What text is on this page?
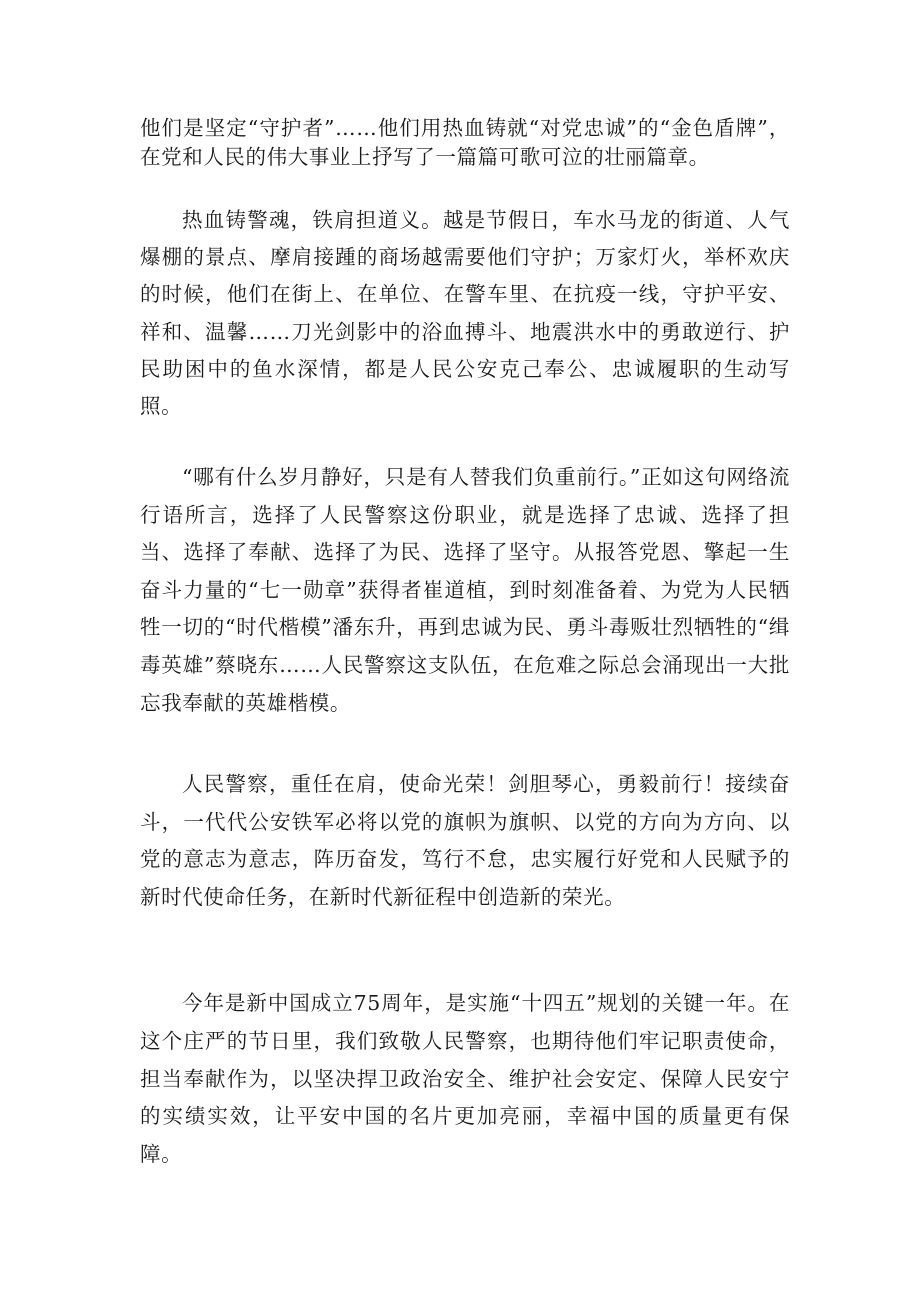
他们是坚定“守护者”……他们用热血铸就“对党忠诚”的“金色盾牌”，在党和人民的伟大事业上抒写了一篇篇可歌可泣的壮丽篇章。

热血铸警魂，铁肩担道义。越是节假日，车水马龙的街道、人气爆棚的景点、摩肩接踵的商场越需要他们守护；万家灯火，举杯欢庆的时候，他们在街上、在单位、在警车里、在抗疫一线，守护平安、祥和、温馨……刀光剑影中的浴血搏斗、地震洪水中的勇敢逆行、护民助困中的鱼水深情，都是人民公安克己奉公、忠诚履职的生动写照。

“哪有什么岁月静好，只是有人替我们负重前行。”正如这句网络流行语所言，选择了人民警察这份职业，就是选择了忠诚、选择了担当、选择了奉献、选择了为民、选择了坚守。从报答党恩、擎起一生奋斗力量的“七一勋章”获得者崔道植，到时刻准备着、为党为人民牺牲一切的“时代楷模”潘东升，再到忠诚为民、勇斗毒贩壮烈牺牲的“缉毒英雄”蔡晓东……人民警察这支队伍，在危难之际总会涌现出一大批忘我奉献的英雄楷模。

人民警察，重任在肩，使命光荣！剑胆琴心，勇毅前行！接续奋斗，一代代公安铁军必将以党的旗帜为旗帜、以党的方向为方向、以党的意志为意志，阵历奋发，笃行不怠，忠实履行好党和人民赋予的新时代使命任务，在新时代新征程中创造新的荣光。

今年是新中国成立75周年，是实施“十四五”规划的关键一年。在这个庄严的节日里，我们致敬人民警察，也期待他们牢记职责使命，担当奉献作为，以坚决捍卫政治安全、维护社会安定、保障人民安宁的实绩实效，让平安中国的名片更加亮丽，幸福中国的质量更有保障。
